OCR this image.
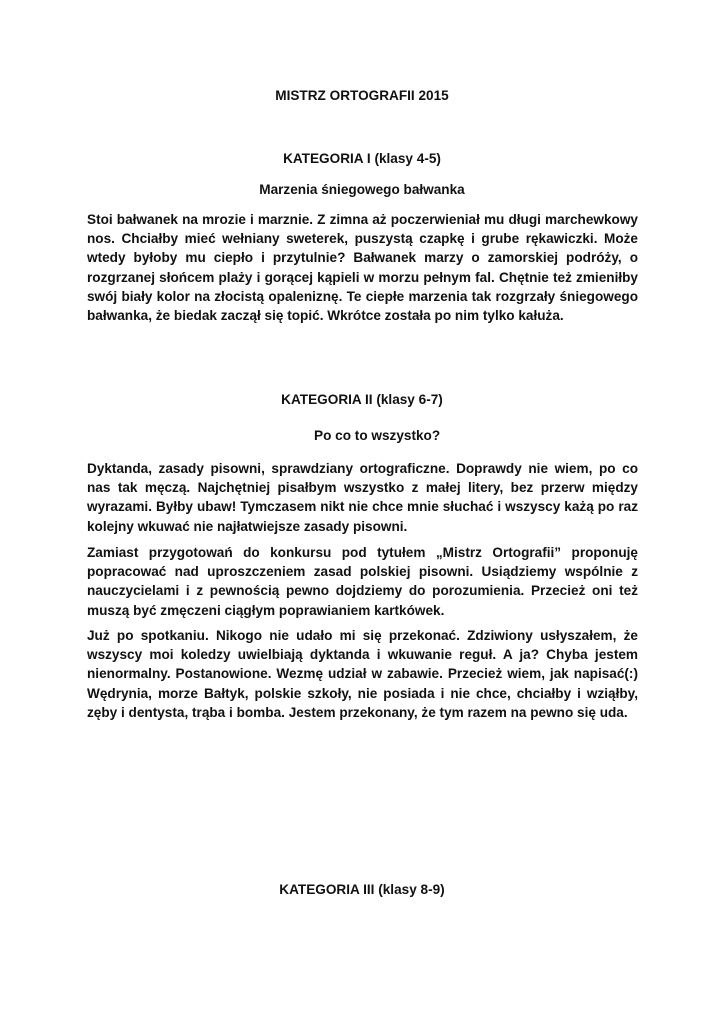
MISTRZ ORTOGRAFII 2015

KATEGORIA I (klasy 4-5)

Marzenia śniegowego bałwanka

Stoi bałwanek na mrozie i marznie. Z zimna aż poczerwieniał mu długi marchewkowy nos. Chciałby mieć wełniany sweterek, puszystą czapkę i grube rękawiczki. Może wtedy byłoby mu ciepło i przytulnie? Bałwanek marzy o zamorskiej podróży, o rozgrzanej słońcem plaży i gorącej kąpieli w morzu pełnym fal. Chętnie też zmieniłby swój biały kolor na złocistą opaleniznę. Te ciepłe marzenia tak rozgrzały śniegowego bałwanka, że biedak zaczął się topić. Wkrótce została po nim tylko kałuża.

KATEGORIA II (klasy 6-7)

Po co to wszystko?

Dyktanda, zasady pisowni, sprawdziany ortograficzne. Doprawdy nie wiem, po co nas tak męczą. Najchętniej pisałbym wszystko z małej litery, bez przerw między wyrazami. Byłby ubaw! Tymczasem nikt nie chce mnie słuchać i wszyscy każą po raz kolejny wkuwać nie najłatwiejsze zasady pisowni.

Zamiast przygotowań do konkursu pod tytułem „Mistrz Ortografii” proponuję popracować nad uproszczeniem zasad polskiej pisowni. Usiądziemy wspólnie z nauczycielami i z pewnością pewno dojdziemy do porozumienia. Przecież oni też muszą być zmęczeni ciągłym poprawianiem kartkówek.

Już po spotkaniu. Nikogo nie udało mi się przekonać. Zdziwiony usłyszałem, że wszyscy moi koledzy uwielbiają dyktanda i wkuwanie reguł. A ja? Chyba jestem nienormalny. Postanowione. Wezmę udział w zabawie. Przecież wiem, jak napisać(:) Wędrynia, morze Bałtyk, polskie szkoły, nie posiada i nie chce, chciałby i wziąłby, zęby i dentysta, trąba i bomba. Jestem przekonany, że tym razem na pewno się uda.

KATEGORIA III (klasy 8-9)
